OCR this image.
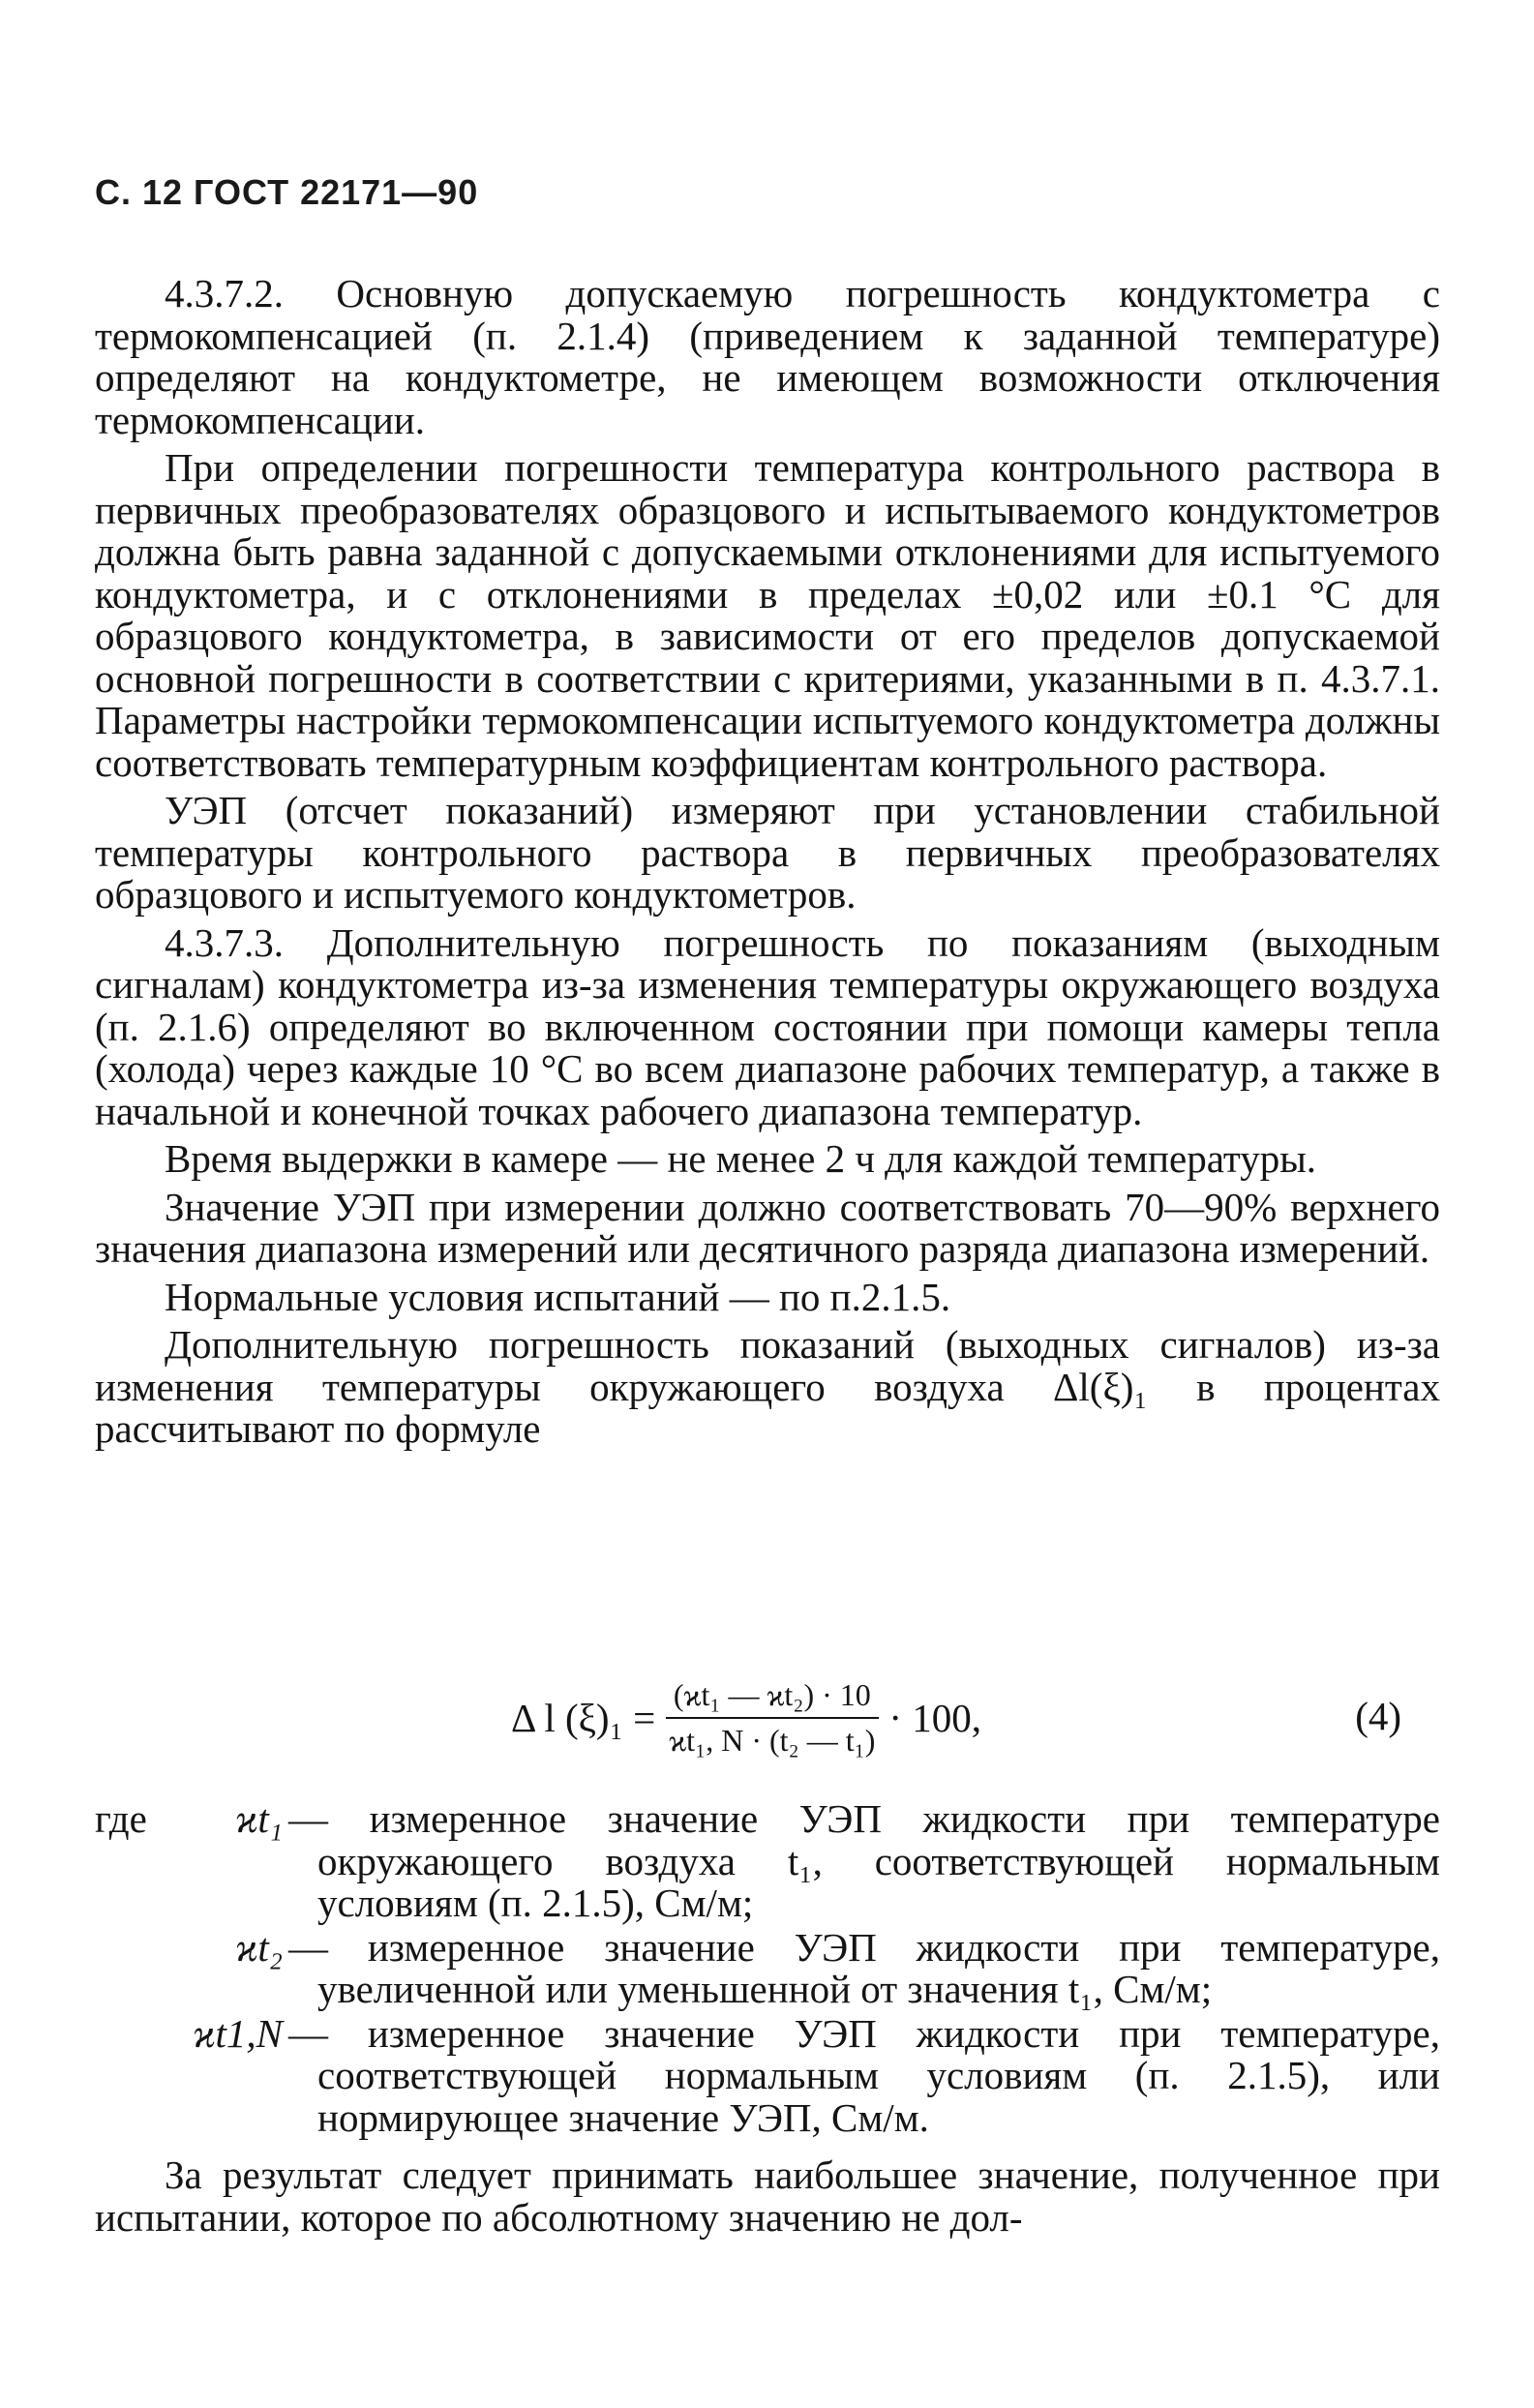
С. 12 ГОСТ 22171—90

4.3.7.2. Основную допускаемую погрешность кондуктометра с термокомпенсацией (п. 2.1.4) (приведением к заданной температуре) определяют на кондуктометре, не имеющем возможности отключения термокомпенсации.

При определении погрешности температура контрольного раствора в первичных преобразователях образцового и испытываемого кондуктометров должна быть равна заданной с допускаемыми отклонениями для испытуемого кондуктометра, и с отклонениями в пределах ±0,02 или ±0.1 °С для образцового кондуктометра, в зависимости от его пределов допускаемой основной погрешности в соответствии с критериями, указанными в п. 4.3.7.1. Параметры настройки термокомпенсации испытуемого кондуктометра должны соответствовать температурным коэффициентам контрольного раствора.

УЭП (отсчет показаний) измеряют при установлении стабильной температуры контрольного раствора в первичных преобразователях образцового и испытуемого кондуктометров.

4.3.7.3. Дополнительную погрешность по показаниям (выходным сигналам) кондуктометра из-за изменения температуры окружающего воздуха (п. 2.1.6) определяют во включенном состоянии при помощи камеры тепла (холода) через каждые 10 °С во всем диапазоне рабочих температур, а также в начальной и конечной точках рабочего диапазона температур.

Время выдержки в камере — не менее 2 ч для каждой температуры.

Значение УЭП при измерении должно соответствовать 70—90% верхнего значения диапазона измерений или десятичного разряда диапазона измерений.

Нормальные условия испытаний — по п.2.1.5.

Дополнительную погрешность показаний (выходных сигналов) из-за изменения температуры окружающего воздуха Δl(ξ)₁ в процентах рассчитывают по формуле

Δ l $(\xi)_1 = \frac{\text{(ϰt₁ — ϰt₂) · 10}}{\text{ϰt₁, N · (t₂ — t₁)}} \cdot 100$,	(4)
где ϰt₁ — измеренное значение УЭП жидкости при температуре окружающего воздуха t₁, соответствующей нормальным условиям (п. 2.1.5), См/м;
ϰt₂ — измеренное значение УЭП жидкости при температуре, увеличенной или уменьшенной от значения t₁, См/м;
ϰt1,N — измеренное значение УЭП жидкости при температуре, соответствующей нормальным условиям (п. 2.1.5), или нормирующее значение УЭП, См/м.

За результат следует принимать наибольшее значение, полученное при испытании, которое по абсолютному значению не дол-
